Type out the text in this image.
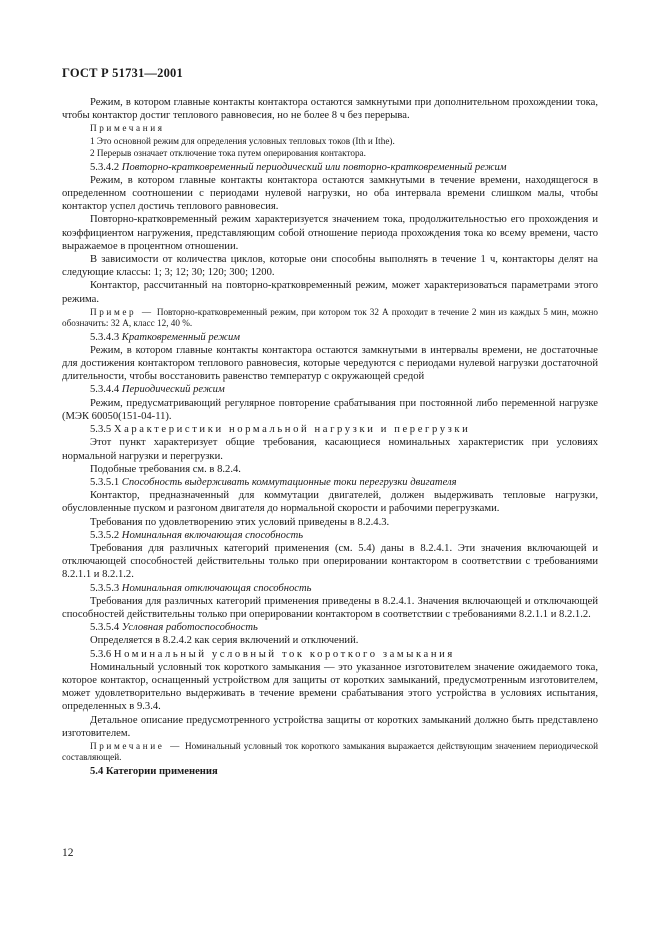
ГОСТ Р 51731—2001

Режим, в котором главные контакты контактора остаются замкнутыми при дополнительном прохождении тока, чтобы контактор достиг теплового равновесия, но не более 8 ч без перерыва.

Примечания

1 Это основной режим для определения условных тепловых токов (Ith и Ithe).

2 Перерыв означает отключение тока путем оперирования контактора.

5.3.4.2 Повторно-кратковременный периодический или повторно-кратковременный режим

Режим, в котором главные контакты контактора остаются замкнутыми в течение времени, находящегося в определенном соотношении с периодами нулевой нагрузки, но оба интервала времени слишком малы, чтобы контактор успел достичь теплового равновесия.

Повторно-кратковременный режим характеризуется значением тока, продолжительностью его прохождения и коэффициентом нагружения, представляющим собой отношение периода прохождения тока ко всему времени, часто выражаемое в процентном отношении.

В зависимости от количества циклов, которые они способны выполнять в течение 1 ч, контакторы делят на следующие классы: 1; 3; 12; 30; 120; 300; 1200.

Контактор, рассчитанный на повторно-кратковременный режим, может характеризоваться параметрами этого режима.

Пример — Повторно-кратковременный режим, при котором ток 32 А проходит в течение 2 мин из каждых 5 мин, можно обозначить: 32 А, класс 12, 40 %.

5.3.4.3 Кратковременный режим

Режим, в котором главные контакты контактора остаются замкнутыми в интервалы времени, не достаточные для достижения контактором теплового равновесия, которые чередуются с периодами нулевой нагрузки достаточной длительности, чтобы восстановить равенство температур с окружающей средой

5.3.4.4 Периодический режим

Режим, предусматривающий регулярное повторение срабатывания при постоянной либо переменной нагрузке (МЭК 60050(151-04-11).

5.3.5 Характеристики нормальной нагрузки и перегрузки

Этот пункт характеризует общие требования, касающиеся номинальных характеристик при условиях нормальной нагрузки и перегрузки.

Подобные требования см. в 8.2.4.

5.3.5.1 Способность выдерживать коммутационные токи перегрузки двигателя

Контактор, предназначенный для коммутации двигателей, должен выдерживать тепловые нагрузки, обусловленные пуском и разгоном двигателя до нормальной скорости и рабочими перегрузками.

Требования по удовлетворению этих условий приведены в 8.2.4.3.

5.3.5.2 Номинальная включающая способность

Требования для различных категорий применения (см. 5.4) даны в 8.2.4.1. Эти значения включающей и отключающей способностей действительны только при оперировании контактором в соответствии с требованиями 8.2.1.1 и 8.2.1.2.

5.3.5.3 Номинальная отключающая способность

Требования для различных категорий применения приведены в 8.2.4.1. Значения включающей и отключающей способностей действительны только при оперировании контактором в соответствии с требованиями 8.2.1.1 и 8.2.1.2.

5.3.5.4 Условная работоспособность

Определяется в 8.2.4.2 как серия включений и отключений.

5.3.6 Номинальный условный ток короткого замыкания

Номинальный условный ток короткого замыкания — это указанное изготовителем значение ожидаемого тока, которое контактор, оснащенный устройством для защиты от коротких замыканий, предусмотренным изготовителем, может удовлетворительно выдерживать в течение времени срабатывания этого устройства в условиях испытания, определенных в 9.3.4.

Детальное описание предусмотренного устройства защиты от коротких замыканий должно быть представлено изготовителем.

Примечание — Номинальный условный ток короткого замыкания выражается действующим значением периодической составляющей.

5.4 Категории применения

12
